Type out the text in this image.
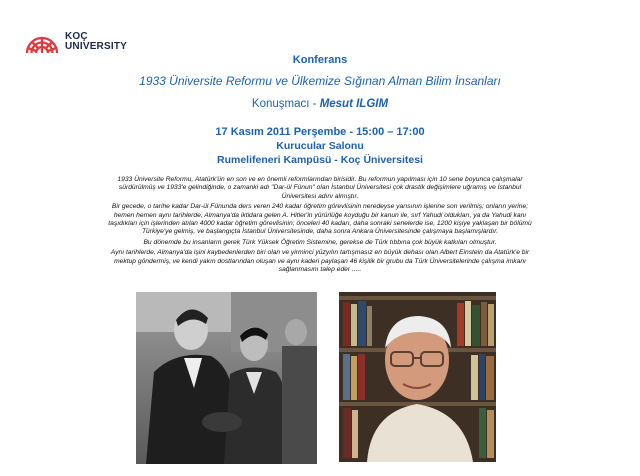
KOÇ
UNIVERSITY
Konferans
1933 Üniversite Reformu ve Ülkemize Sığınan Alman Bilim İnsanları
Konuşmacı - Mesut ILGIM
17 Kasım 2011 Perşembe - 15:00 – 17:00
Kurucular Salonu
Rumelifeneri Kampüsü - Koç Üniversitesi

1933 Üniversite Reformu, Atatürk'ün en son ve en önemli reformlarından birisidir. Bu reformun yapılması için 10 sene boyunca çalışmalar sürdürülmüş ve 1933'e gelindiğinde, o zamanki adı "Dar-ül Fünun" olan İstanbul Üniversitesi çok drastik değişimlere uğramış ve İstanbul Üniversitesi adını almıştır.

Bir gecede, o tarihe kadar Dar-ül Fünunda ders veren 240 kadar öğretim görevlisinin neredeyse yarısının işlerine son verilmiş; onların yerine; hemen hemen aynı tarihlerde, Almanya'da iktidara gelen A. Hitler'in yürürlüğe koyduğu bir kanun ile, sırf Yahudi oldukları, ya da Yahudi kanı taşıdıkları için işlerinden atılan 4000 kadar öğretim görevlisinin; önceleri 40 kadarı, daha sonraki senelerde ise, 1200 kişiye yaklaşan bir bölümü Türkiye'ye gelmiş, ve başlangıçta İstanbul Üniversitesinde, daha sonra Ankara Üniversitesinde çalışmaya başlamışlardır.

Bu dönemde bu insanların gerek Türk Yüksek Öğretim Sistemine, gerekse de Türk tıbbına çok büyük katkıları olmuştur.

Aynı tarihlerde, Almanya'da işini kaybedenlerden biri olan ve yirminci yüzyılın tartışmasız en büyük dehası olan Albert Einstein da Atatürk'e bir mektup göndermiş, ve kendi yakın dostlarından oluşan ve aynı kaderi paylaşan 46 kişilik bir grubu da Türk Üniversitelerinde çalışma imkanı sağlanmasını talep eder .....
